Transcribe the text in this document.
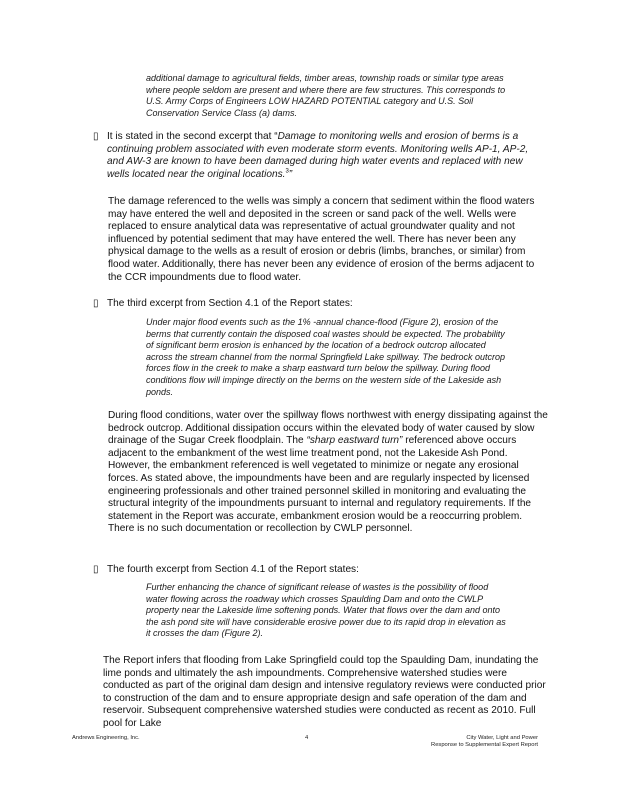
additional damage to agricultural fields, timber areas, township roads or similar type areas where people seldom are present and where there are few structures. This corresponds to U.S. Army Corps of Engineers LOW HAZARD POTENTIAL category and U.S. Soil Conservation Service Class (a) dams.

▯ It is stated in the second excerpt that “Damage to monitoring wells and erosion of berms is a continuing problem associated with even moderate storm events. Monitoring wells AP-1, AP-2, and AW-3 are known to have been damaged during high water events and replaced with new wells located near the original locations.$^3$”

The damage referenced to the wells was simply a concern that sediment within the flood waters may have entered the well and deposited in the screen or sand pack of the well. Wells were replaced to ensure analytical data was representative of actual groundwater quality and not influenced by potential sediment that may have entered the well. There has never been any physical damage to the wells as a result of erosion or debris (limbs, branches, or similar) from flood water. Additionally, there has never been any evidence of erosion of the berms adjacent to the CCR impoundments due to flood water.

▯ The third excerpt from Section 4.1 of the Report states:

Under major flood events such as the 1% -annual chance-flood (Figure 2), erosion of the berms that currently contain the disposed coal wastes should be expected. The probability of significant berm erosion is enhanced by the location of a bedrock outcrop allocated across the stream channel from the normal Springfield Lake spillway. The bedrock outcrop forces flow in the creek to make a sharp eastward turn below the spillway. During flood conditions flow will impinge directly on the berms on the western side of the Lakeside ash ponds.

During flood conditions, water over the spillway flows northwest with energy dissipating against the bedrock outcrop. Additional dissipation occurs within the elevated body of water caused by slow drainage of the Sugar Creek floodplain. The “sharp eastward turn” referenced above occurs adjacent to the embankment of the west lime treatment pond, not the Lakeside Ash Pond. However, the embankment referenced is well vegetated to minimize or negate any erosional forces. As stated above, the impoundments have been and are regularly inspected by licensed engineering professionals and other trained personnel skilled in monitoring and evaluating the structural integrity of the impoundments pursuant to internal and regulatory requirements. If the statement in the Report was accurate, embankment erosion would be a reoccurring problem. There is no such documentation or recollection by CWLP personnel.

▯ The fourth excerpt from Section 4.1 of the Report states:

Further enhancing the chance of significant release of wastes is the possibility of flood water flowing across the roadway which crosses Spaulding Dam and onto the CWLP property near the Lakeside lime softening ponds. Water that flows over the dam and onto the ash pond site will have considerable erosive power due to its rapid drop in elevation as it crosses the dam (Figure 2).

The Report infers that flooding from Lake Springfield could top the Spaulding Dam, inundating the lime ponds and ultimately the ash impoundments. Comprehensive watershed studies were conducted as part of the original dam design and intensive regulatory reviews were conducted prior to construction of the dam and to ensure appropriate design and safe operation of the dam and reservoir. Subsequent comprehensive watershed studies were conducted as recent as 2010. Full pool for Lake

Andrews Engineering, Inc.	4	City Water, Light and Power
Response to Supplemental Expert Report
